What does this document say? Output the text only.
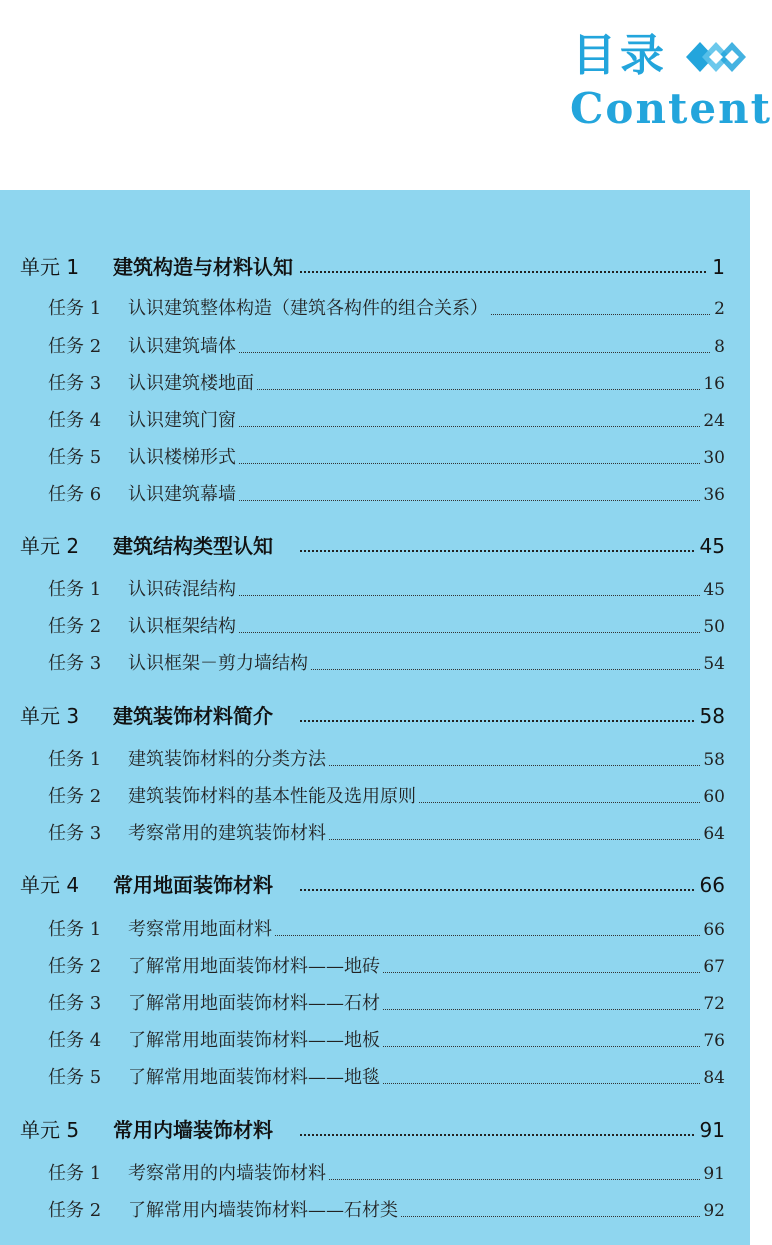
目录
Content
单元 1 建筑构造与材料认知	1
任务 1 认识建筑整体构造（建筑各构件的组合关系）	2
任务 2 认识建筑墙体	8
任务 3 认识建筑楼地面	16
任务 4 认识建筑门窗	24
任务 5 认识楼梯形式	30
任务 6 认识建筑幕墙	36
单元 2 建筑结构类型认知	45
任务 1 认识砖混结构	45
任务 2 认识框架结构	50
任务 3 认识框架－剪力墙结构	54
单元 3 建筑装饰材料简介	58
任务 1 建筑装饰材料的分类方法	58
任务 2 建筑装饰材料的基本性能及选用原则	60
任务 3 考察常用的建筑装饰材料	64
单元 4 常用地面装饰材料	66
任务 1 考察常用地面材料	66
任务 2 了解常用地面装饰材料——地砖	67
任务 3 了解常用地面装饰材料——石材	72
任务 4 了解常用地面装饰材料——地板	76
任务 5 了解常用地面装饰材料——地毯	84
单元 5 常用内墙装饰材料	91
任务 1 考察常用的内墙装饰材料	91
任务 2 了解常用内墙装饰材料——石材类	92
